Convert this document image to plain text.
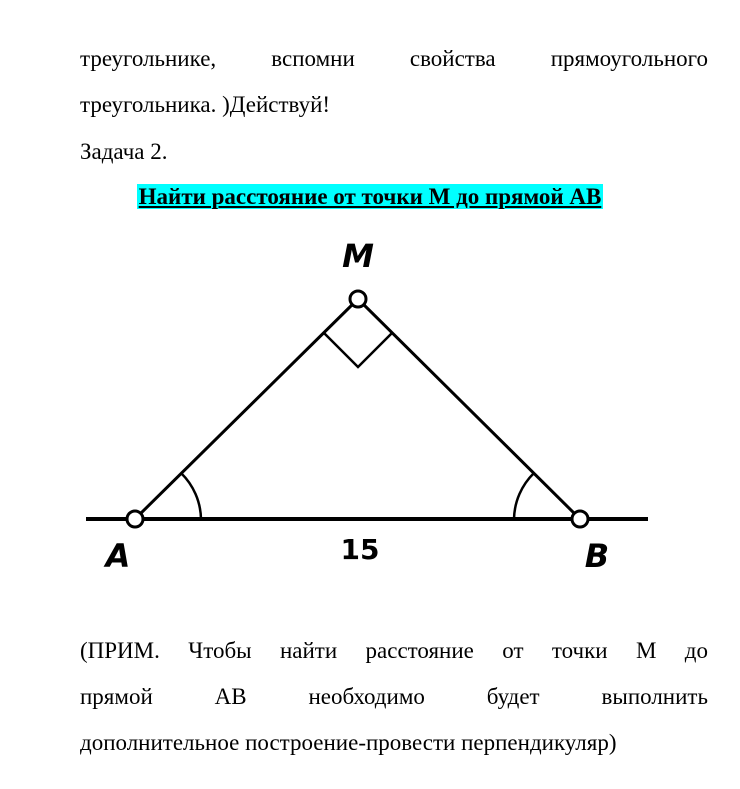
треугольнике, вспомни свойства прямоугольного
треугольника. )Действуй!
Задача 2.
Найти расстояние от точки М до прямой АВ
M
A	B
15
(ПРИМ. Чтобы найти расстояние от точки М до
прямой	АВ	необходимо	будет	выполнить
дополнительное построение-провести перпендикуляр)
